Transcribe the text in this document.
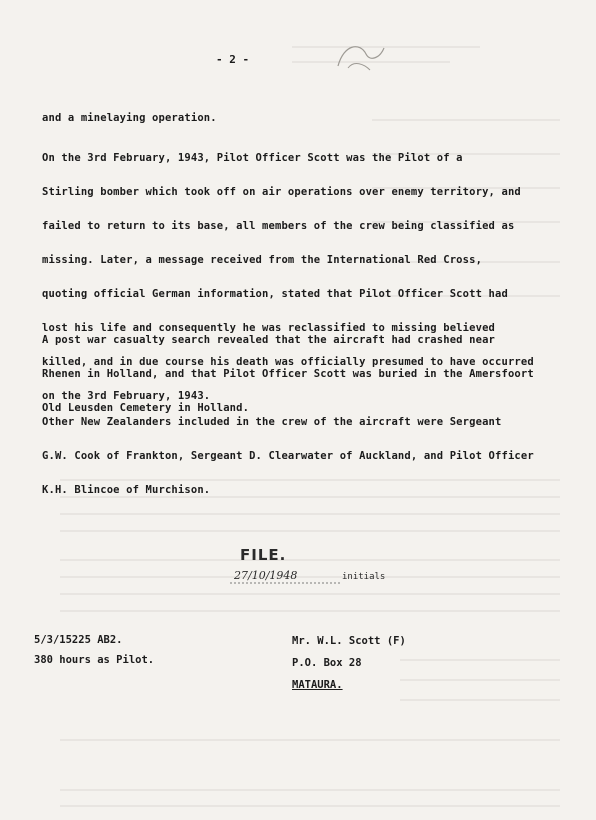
- 2 -

and a minelaying operation.

On the 3rd February, 1943, Pilot Officer Scott was the Pilot of a

Stirling bomber which took off on air operations over enemy territory, and

failed to return to its base, all members of the crew being classified as

missing. Later, a message received from the International Red Cross,

quoting official German information, stated that Pilot Officer Scott had

lost his life and consequently he was reclassified to missing believed

killed, and in due course his death was officially presumed to have occurred

on the 3rd February, 1943.

A post war casualty search revealed that the aircraft had crashed near

Rhenen in Holland, and that Pilot Officer Scott was buried in the Amersfoort

Old Leusden Cemetery in Holland.

Other New Zealanders included in the crew of the aircraft were Sergeant

G.W. Cook of Frankton, Sergeant D. Clearwater of Auckland, and Pilot Officer

K.H. Blincoe of Murchison.

FILE.
27/10/1948	initials
5/3/15225 AB2.
380 hours as Pilot.
Mr. W.L. Scott (F)
P.O. Box 28
MATAURA.
